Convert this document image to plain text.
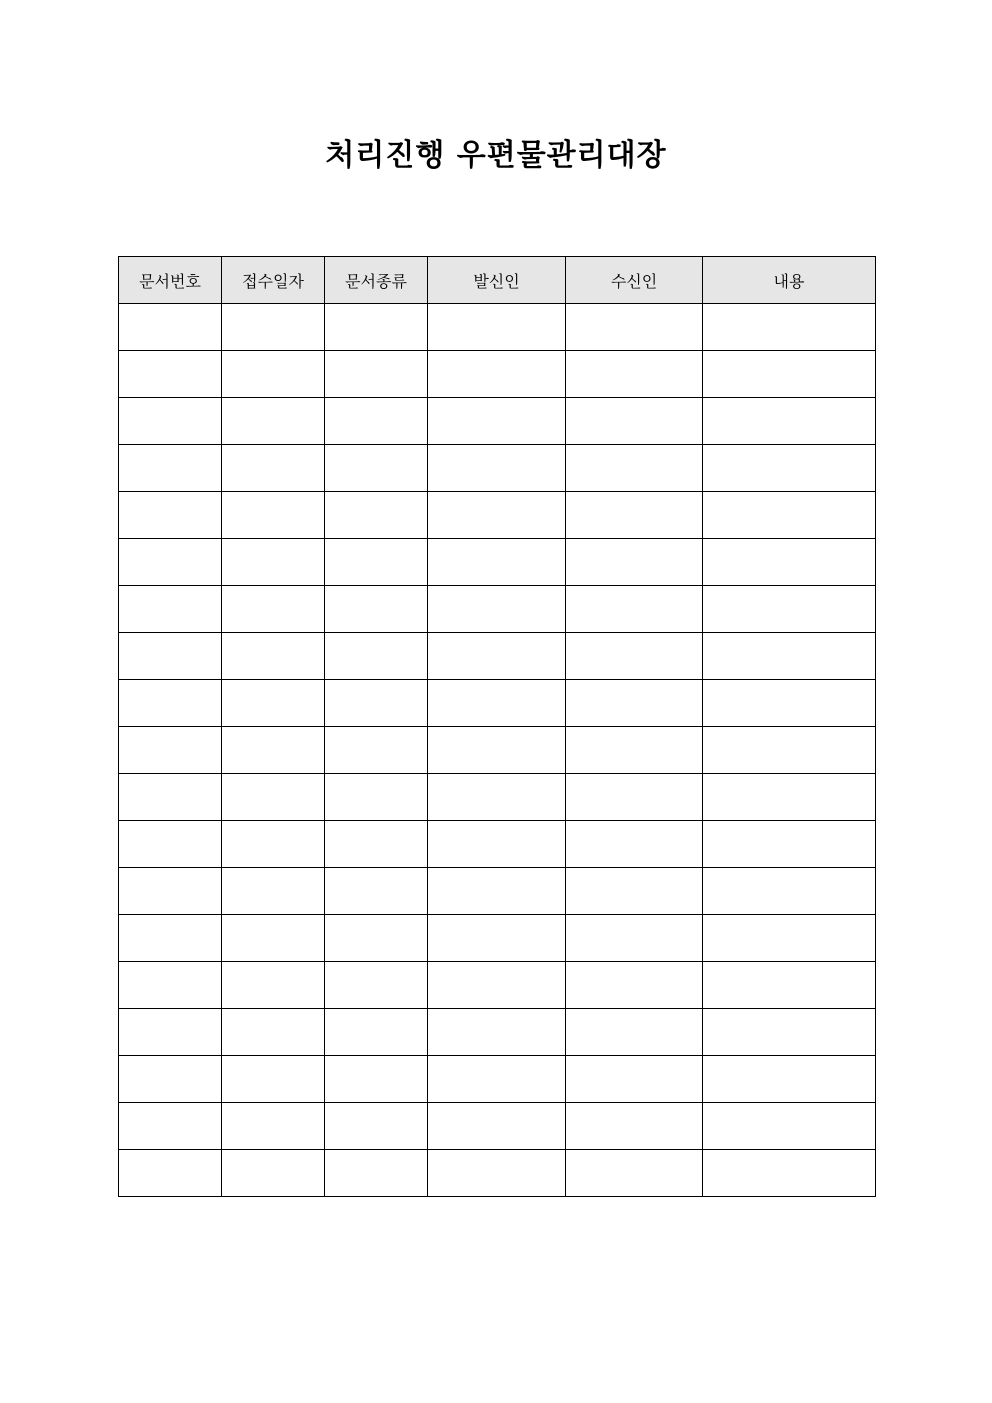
처리진행 우편물관리대장
문서번호	접수일자	문서종류	발신인	수신인	내용
